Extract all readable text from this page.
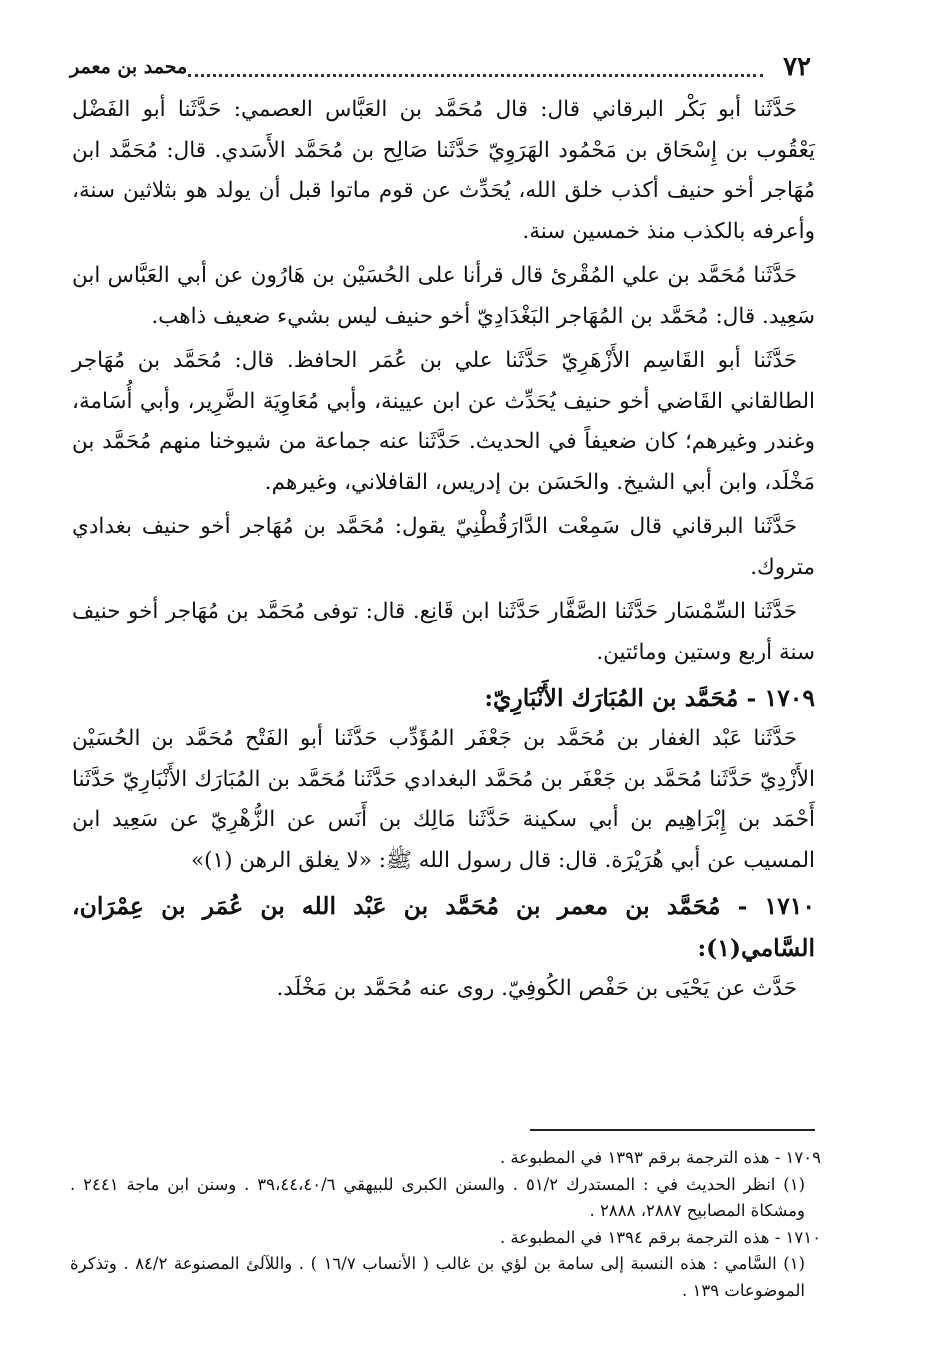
٧٢
محمد بن معمر

حَدَّثَنا أبو بَكْر البرقاني قال: قال مُحَمَّد بن العَبَّاس العصمي: حَدَّثَنا أبو الفَضْل يَعْقُوب بن إِسْحَاق بن مَحْمُود الهَرَوِيّ حَدَّثَنا صَالِح بن مُحَمَّد الأَسَدي. قال: مُحَمَّد ابن مُهَاجر أخو حنيف أكذب خلق الله، يُحَدِّث عن قوم ماتوا قبل أن يولد هو بثلاثين سنة، وأعرفه بالكذب منذ خمسين سنة.

حَدَّثَنا مُحَمَّد بن علي المُقْرئ قال قرأنا على الحُسَيْن بن هَارُون عن أبي العَبَّاس ابن سَعِيد. قال: مُحَمَّد بن المُهَاجر البَغْدَادِيّ أخو حنيف ليس بشيء ضعيف ذاهب.

حَدَّثَنا أبو القَاسِم الأَزْهَرِيّ حَدَّثَنا علي بن عُمَر الحافظ. قال: مُحَمَّد بن مُهَاجر الطالقاني القَاضي أخو حنيف يُحَدِّث عن ابن عيينة، وأبي مُعَاوِيَة الضَّرِير، وأبي أُسَامة، وغندر وغيرهم؛ كان ضعيفاً في الحديث. حَدَّثَنا عنه جماعة من شيوخنا منهم مُحَمَّد بن مَخْلَد، وابن أبي الشيخ. والحَسَن بن إدريس، القافلاني، وغيرهم.

حَدَّثَنا البرقاني قال سَمِعْت الدَّارَقُطْنِيّ يقول: مُحَمَّد بن مُهَاجر أخو حنيف بغدادي متروك.

حَدَّثَنا السِّمْسَار حَدَّثَنا الصَّفَّار حَدَّثَنا ابن قَانِع. قال: توفى مُحَمَّد بن مُهَاجر أخو حنيف سنة أربع وستين ومائتين.

١٧٠٩ - مُحَمَّد بن المُبَارَك الأَنْبَارِيّ:

حَدَّثَنا عَبْد الغفار بن مُحَمَّد بن جَعْفَر المُؤَدِّب حَدَّثَنا أبو الفَتْح مُحَمَّد بن الحُسَيْن الأَزْدِيّ حَدَّثَنا مُحَمَّد بن جَعْفَر بن مُحَمَّد البغدادي حَدَّثَنا مُحَمَّد بن المُبَارَك الأَنْبَارِيّ حَدَّثَنا أَحْمَد بن إِبْرَاهِيم بن أبي سكينة حَدَّثَنا مَالِك بن أَنَس عن الزُّهْرِيّ عن سَعِيد ابن المسيب عن أبي هُرَيْرَة. قال: قال رسول الله ﷺ: «لا يغلق الرهن (١)»

١٧١٠ - مُحَمَّد بن معمر بن مُحَمَّد بن عَبْد الله بن عُمَر بن عِمْرَان، السَّامي(١):

حَدَّث عن يَحْيَى بن حَفْص الكُوفِيّ. روى عنه مُحَمَّد بن مَخْلَد.

١٧٠٩ - هذه الترجمة برقم ١٣٩٣ في المطبوعة .

(١) انظر الحديث في : المستدرك ٥١/٢ . والسنن الكبرى للبيهقي ٣٩،٤٤،٤٠/٦ . وسنن ابن ماجة ٢٤٤١ . ومشكاة المصابيح ٢٨٨٧، ٢٨٨٨ .

١٧١٠ - هذه الترجمة برقم ١٣٩٤ في المطبوعة .

(١) السَّامي : هذه النسبة إلى سامة بن لؤي بن غالب ( الأنساب ١٦/٧ ) . واللآلئ المصنوعة ٨٤/٢ . وتذكرة الموضوعات ١٣٩ .
